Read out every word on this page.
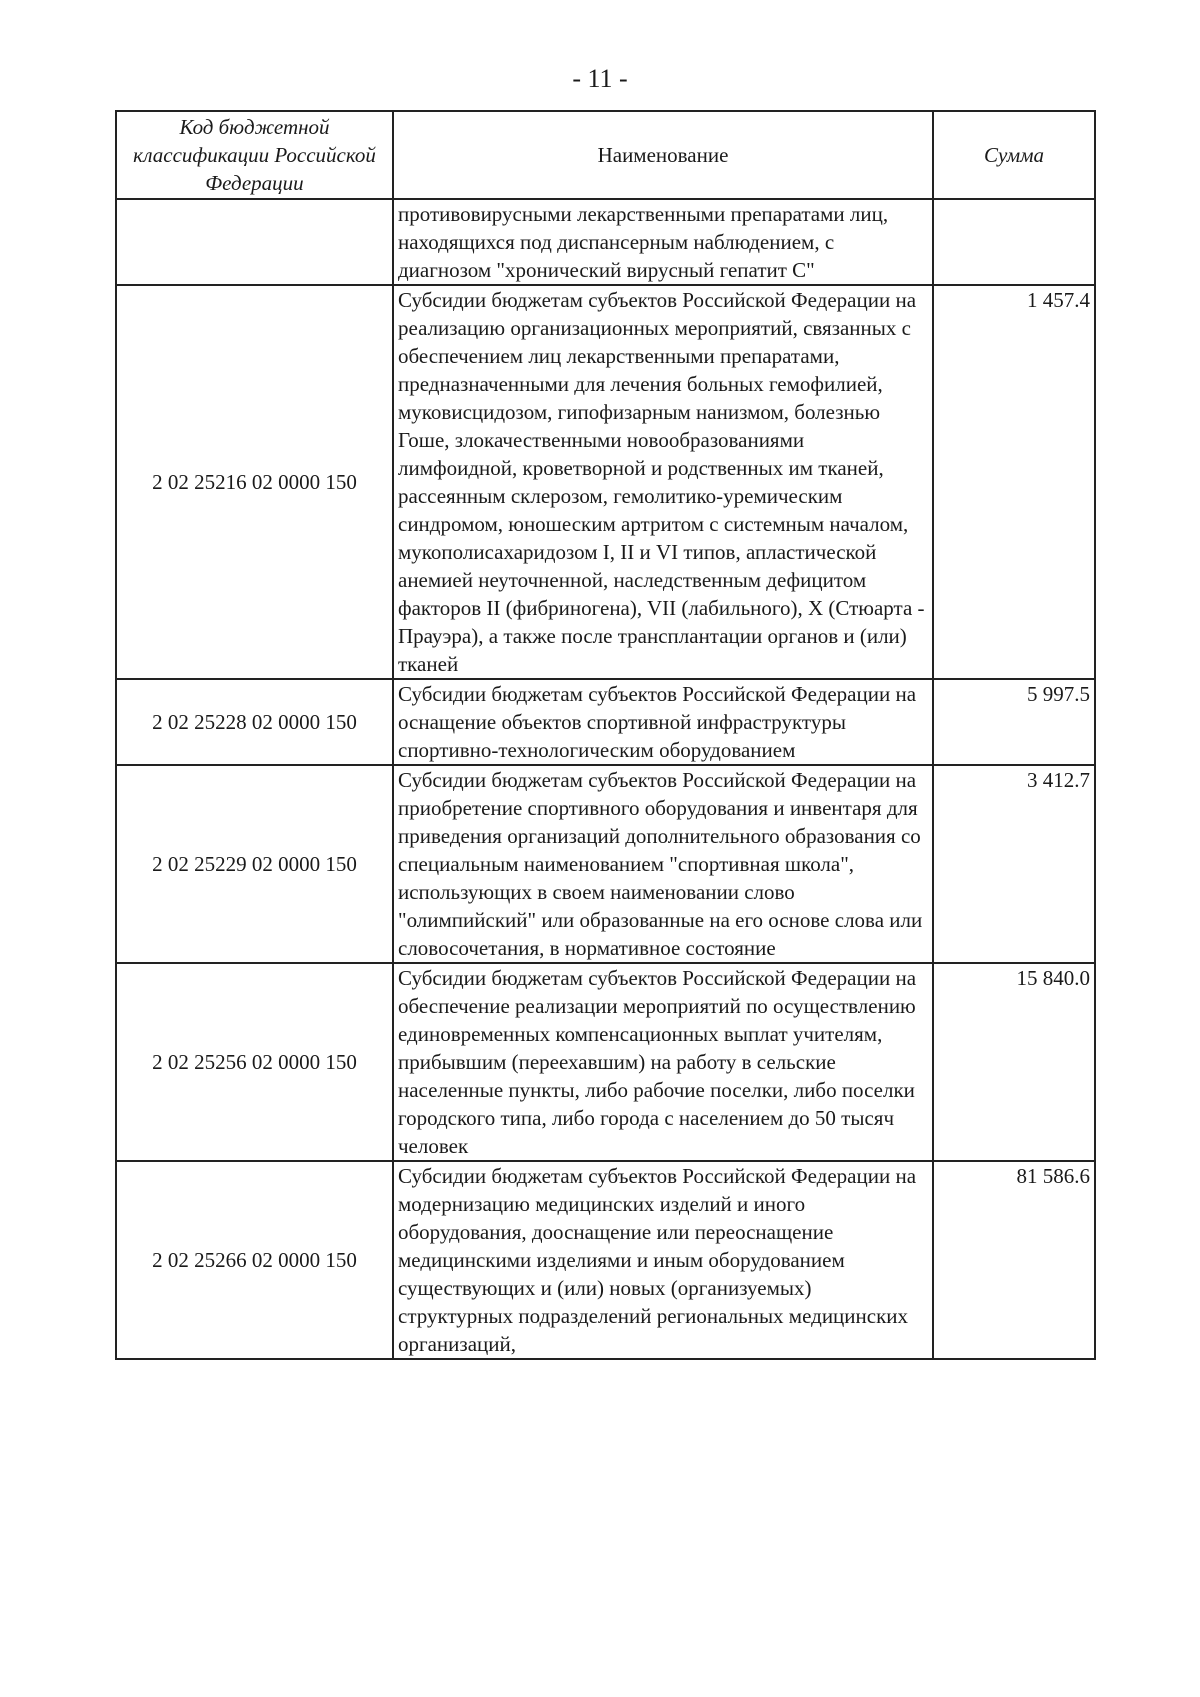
- 11 -
Код бюджетной классификации Российской Федерации	Наименование	Сумма
	противовирусными лекарственными препаратами лиц, находящихся под диспансерным наблюдением, с диагнозом "хронический вирусный гепатит С"	
2 02 25216 02 0000 150	Субсидии бюджетам субъектов Российской Федерации на реализацию организационных мероприятий, связанных с обеспечением лиц лекарственными препаратами, предназначенными для лечения больных гемофилией, муковисцидозом, гипофизарным нанизмом, болезнью Гоше, злокачественными новообразованиями лимфоидной, кроветворной и родственных им тканей, рассеянным склерозом, гемолитико-уремическим синдромом, юношеским артритом с системным началом, мукополисахаридозом I, II и VI типов, апластической анемией неуточненной, наследственным дефицитом факторов II (фибриногена), VII (лабильного), X (Стюарта - Прауэра), а также после трансплантации органов и (или) тканей	1 457.4
2 02 25228 02 0000 150	Субсидии бюджетам субъектов Российской Федерации на оснащение объектов спортивной инфраструктуры спортивно-технологическим оборудованием	5 997.5
2 02 25229 02 0000 150	Субсидии бюджетам субъектов Российской Федерации на приобретение спортивного оборудования и инвентаря для приведения организаций дополнительного образования со специальным наименованием "спортивная школа", использующих в своем наименовании слово "олимпийский" или образованные на его основе слова или словосочетания, в нормативное состояние	3 412.7
2 02 25256 02 0000 150	Субсидии бюджетам субъектов Российской Федерации на обеспечение реализации мероприятий по осуществлению единовременных компенсационных выплат учителям, прибывшим (переехавшим) на работу в сельские населенные пункты, либо рабочие поселки, либо поселки городского типа, либо города с населением до 50 тысяч человек	15 840.0
2 02 25266 02 0000 150	Субсидии бюджетам субъектов Российской Федерации на модернизацию медицинских изделий и иного оборудования, дооснащение или переоснащение медицинскими изделиями и иным оборудованием существующих и (или) новых (организуемых) структурных подразделений региональных медицинских организаций,	81 586.6
